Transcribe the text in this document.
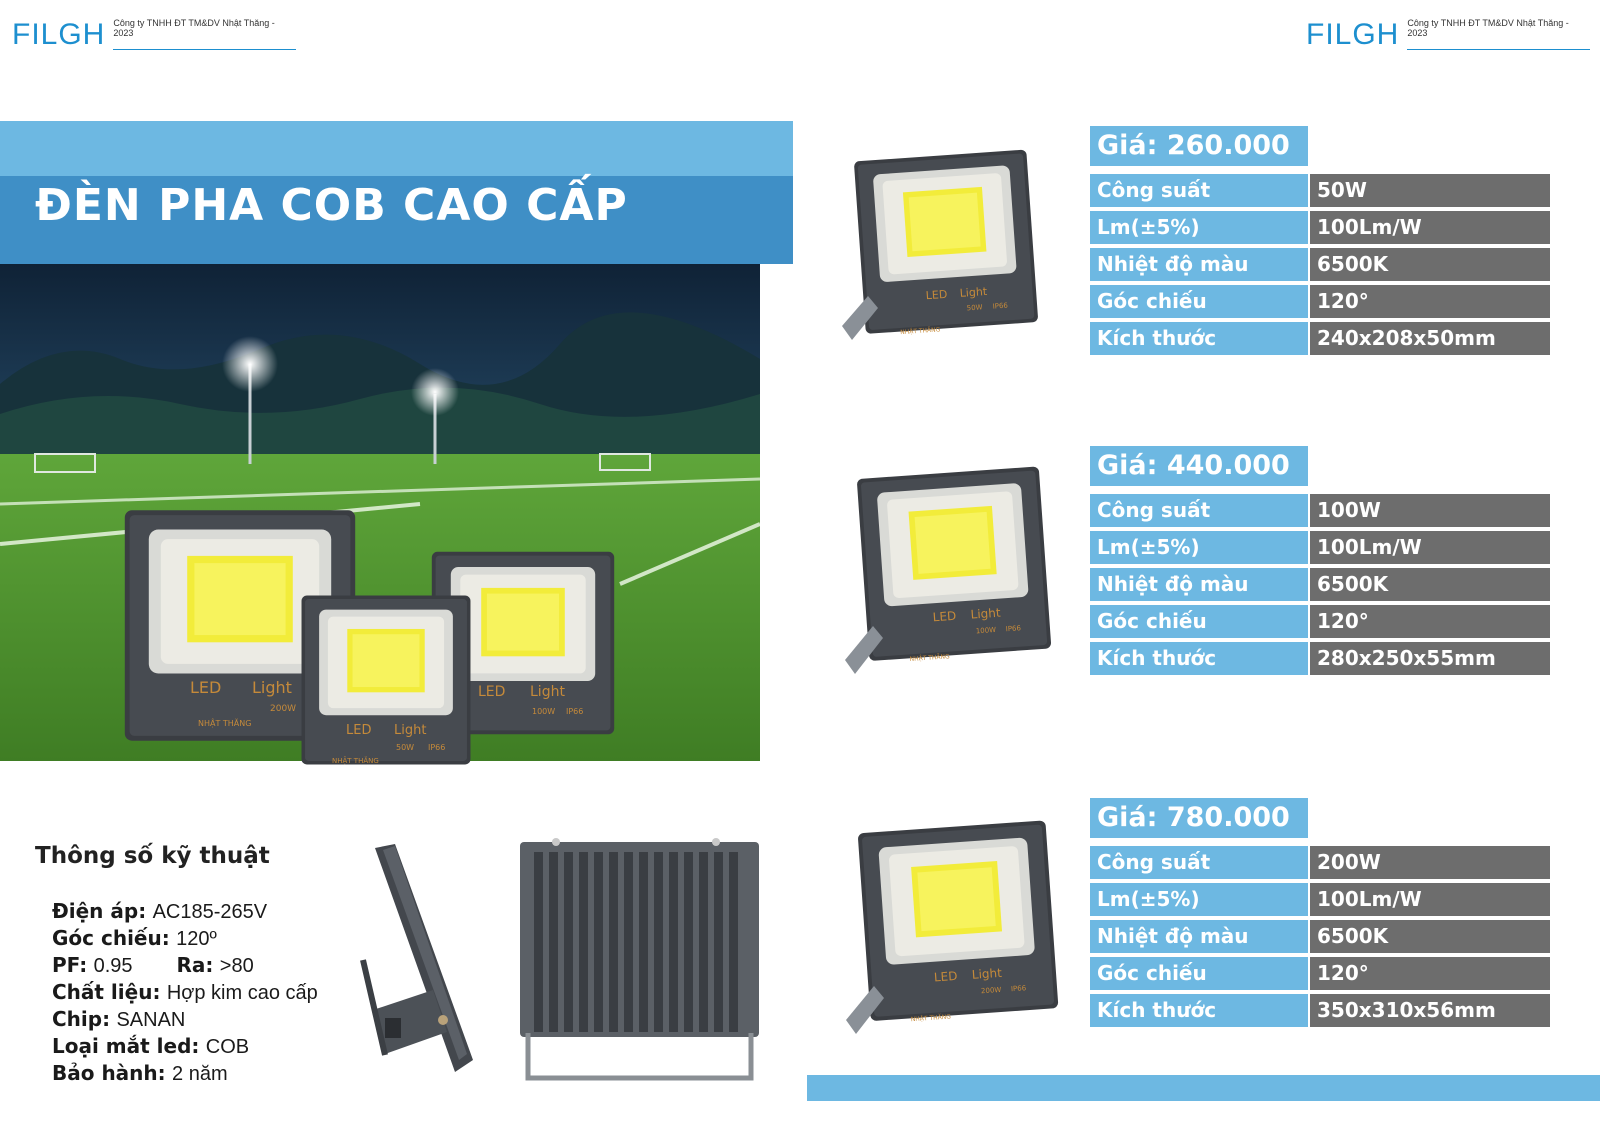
FILGH Công ty TNHH ĐT TM&DV Nhật Thăng - 2023	FILGH Công ty TNHH ĐT TM&DV Nhật Thăng - 2023
ĐÈN PHA COB CAO CẤP
LED Light
200W
NHẬT THĂNG
LED Light
100W IP66
LED Light
50W IP66
NHẬT THĂNG
Thông số kỹ thuật
Điện áp: AC185-265V
Góc chiếu: 120º
PF: 0.95 Ra: >80
Chất liệu: Hợp kim cao cấp
Chip: SANAN
Loại mắt led: COB
Bảo hành: 2 năm
LED Light
50W IP66
NHẬT THĂNG
Giá: 260.000
Công suất	50W
Lm(±5%)	100Lm/W
Nhiệt độ màu	6500K
Góc chiếu	120°
Kích thước	240x208x50mm
LED Light
100W IP66
NHẬT THĂNG
Giá: 440.000
Công suất	100W
Lm(±5%)	100Lm/W
Nhiệt độ màu	6500K
Góc chiếu	120°
Kích thước	280x250x55mm
LED Light
200W IP66
NHẬT THĂNG
Giá: 780.000
Công suất	200W
Lm(±5%)	100Lm/W
Nhiệt độ màu	6500K
Góc chiếu	120°
Kích thước	350x310x56mm
